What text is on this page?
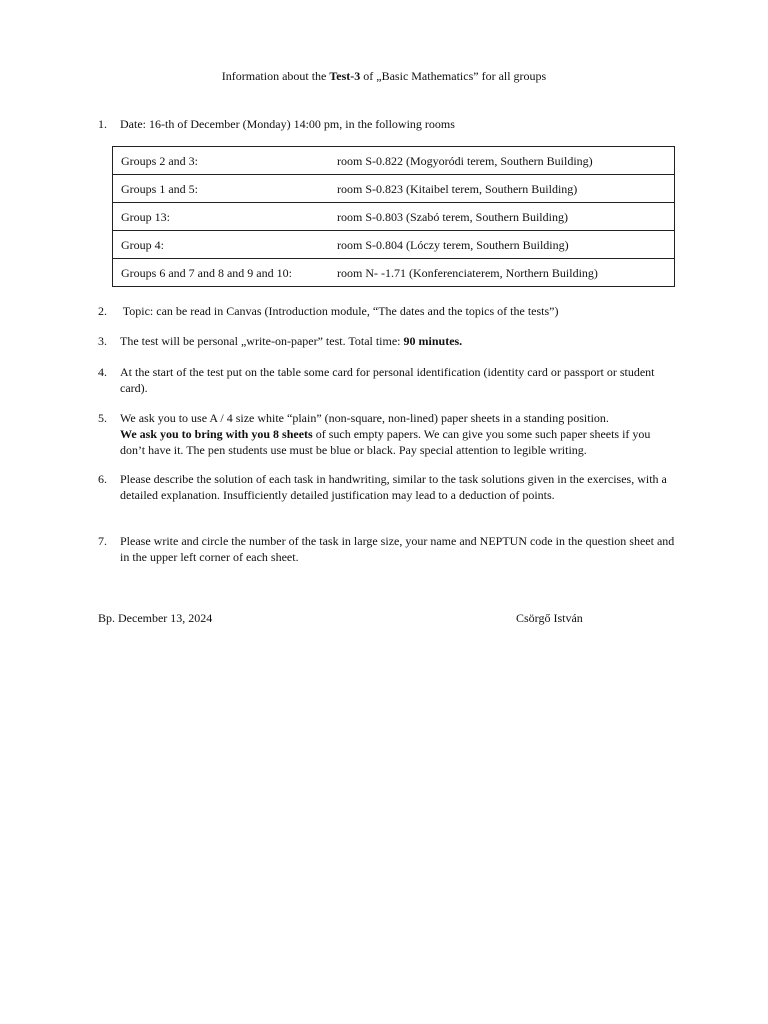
Information about the Test-3 of „Basic Mathematics” for all groups
1.	Date: 16-th of December (Monday) 14:00 pm, in the following rooms
Groups 2 and 3:	room S-0.822 (Mogyoródi terem, Southern Building)
Groups 1 and 5:	room S-0.823 (Kitaibel terem, Southern Building)
Group 13:	room S-0.803 (Szabó terem, Southern Building)
Group 4:	room S-0.804 (Lóczy terem, Southern Building)
Groups 6 and 7 and 8 and 9 and 10:	room N- -1.71 (Konferenciaterem, Northern Building)
2.	Topic: can be read in Canvas (Introduction module, “The dates and the topics of the tests”)
3.	The test will be personal „write-on-paper” test. Total time: 90 minutes.
4.	At the start of the test put on the table some card for personal identification (identity card or passport or student card).
5.	We ask you to use A / 4 size white “plain” (non-square, non-lined) paper sheets in a standing position.
We ask you to bring with you 8 sheets of such empty papers. We can give you some such paper sheets if you don’t have it. The pen students use must be blue or black. Pay special attention to legible writing.
6.	Please describe the solution of each task in handwriting, similar to the task solutions given in the exercises, with a detailed explanation. Insufficiently detailed justification may lead to a deduction of points.
7.	Please write and circle the number of the task in large size, your name and NEPTUN code in the question sheet and in the upper left corner of each sheet.
Bp. December 13, 2024	Csörgő István
